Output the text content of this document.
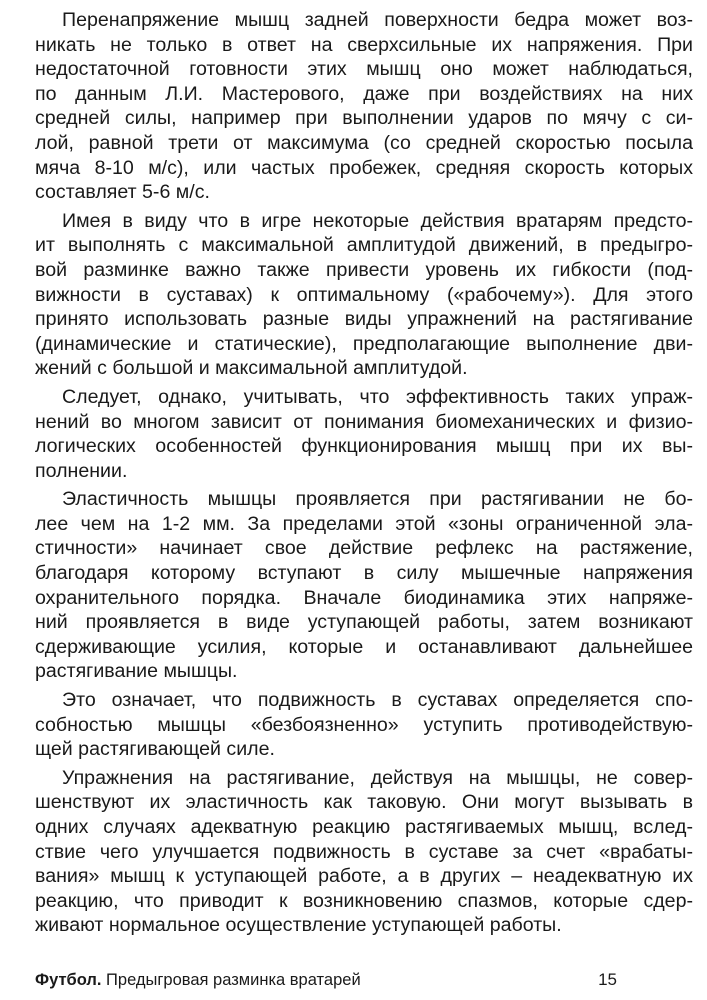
Перенапряжение мышц задней поверхности бедра может воз-
никать не только в ответ на сверхсильные их напряжения. При
недостаточной готовности этих мышц оно может наблюдаться,
по данным Л.И. Мастерового, даже при воздействиях на них
средней силы, например при выполнении ударов по мячу с си-
лой, равной трети от максимума (со средней скоростью посыла
мяча 8-10 м/с), или частых пробежек, средняя скорость которых
составляет 5-6 м/с.
Имея в виду что в игре некоторые действия вратарям предсто-
ит выполнять с максимальной амплитудой движений, в предыгро-
вой разминке важно также привести уровень их гибкости (под-
вижности в суставах) к оптимальному («рабочему»). Для этого
принято использовать разные виды упражнений на растягивание
(динамические и статические), предполагающие выполнение дви-
жений с большой и максимальной амплитудой.
Следует, однако, учитывать, что эффективность таких упраж-
нений во многом зависит от понимания биомеханических и физио-
логических особенностей функционирования мышц при их вы-
полнении.
Эластичность мышцы проявляется при растягивании не бо-
лее чем на 1-2 мм. За пределами этой «зоны ограниченной эла-
стичности» начинает свое действие рефлекс на растяжение,
благодаря которому вступают в силу мышечные напряжения
охранительного порядка. Вначале биодинамика этих напряже-
ний проявляется в виде уступающей работы, затем возникают
сдерживающие усилия, которые и останавливают дальнейшее
растягивание мышцы.
Это означает, что подвижность в суставах определяется спо-
собностью мышцы «безбоязненно» уступить противодействую-
щей растягивающей силе.
Упражнения на растягивание, действуя на мышцы, не совер-
шенствуют их эластичность как таковую. Они могут вызывать в
одних случаях адекватную реакцию растягиваемых мышц, вслед-
ствие чего улучшается подвижность в суставе за счет «врабаты-
вания» мышц к уступающей работе, а в других – неадекватную их
реакцию, что приводит к возникновению спазмов, которые сдер-
живают нормальное осуществление уступающей работы.
Футбол. Предыгровая разминка вратарей	15
